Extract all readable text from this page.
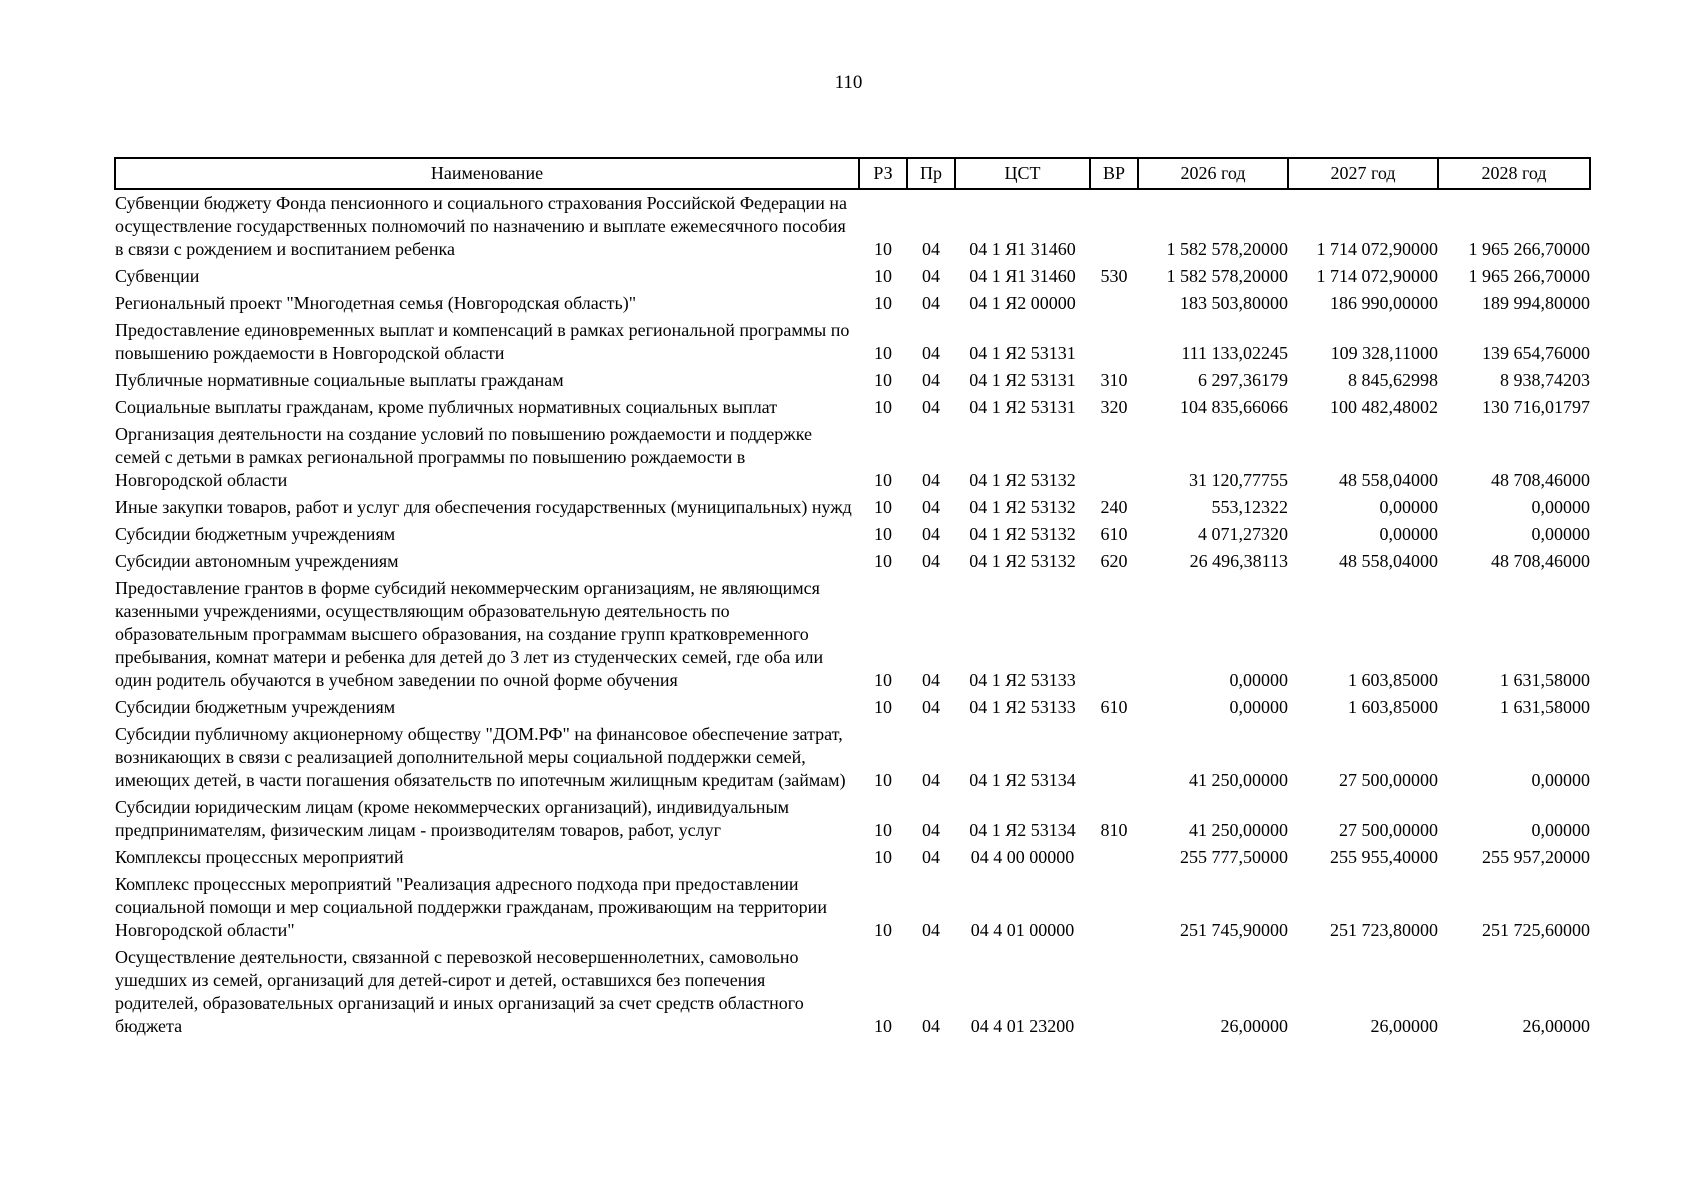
110
Наименование	РЗ	Пр	ЦСТ	ВР	2026 год	2027 год	2028 год
Субвенции бюджету Фонда пенсионного и социального страхования Российской Федерации на осуществление государственных полномочий по назначению и выплате ежемесячного пособия в связи с рождением и воспитанием ребенка	10	04	04 1 Я1 31460		1 582 578,20000	1 714 072,90000	1 965 266,70000
Субвенции	10	04	04 1 Я1 31460	530	1 582 578,20000	1 714 072,90000	1 965 266,70000
Региональный проект "Многодетная семья (Новгородская область)"	10	04	04 1 Я2 00000		183 503,80000	186 990,00000	189 994,80000
Предоставление единовременных выплат и компенсаций в рамках региональной программы по повышению рождаемости в Новгородской области	10	04	04 1 Я2 53131		111 133,02245	109 328,11000	139 654,76000
Публичные нормативные социальные выплаты гражданам	10	04	04 1 Я2 53131	310	6 297,36179	8 845,62998	8 938,74203
Социальные выплаты гражданам, кроме публичных нормативных социальных выплат	10	04	04 1 Я2 53131	320	104 835,66066	100 482,48002	130 716,01797
Организация деятельности на создание условий по повышению рождаемости и поддержке семей с детьми в рамках региональной программы по повышению рождаемости в Новгородской области	10	04	04 1 Я2 53132		31 120,77755	48 558,04000	48 708,46000
Иные закупки товаров, работ и услуг для обеспечения государственных (муниципальных) нужд	10	04	04 1 Я2 53132	240	553,12322	0,00000	0,00000
Субсидии бюджетным учреждениям	10	04	04 1 Я2 53132	610	4 071,27320	0,00000	0,00000
Субсидии автономным учреждениям	10	04	04 1 Я2 53132	620	26 496,38113	48 558,04000	48 708,46000
Предоставление грантов в форме субсидий некоммерческим организациям, не являющимся казенными учреждениями, осуществляющим образовательную деятельность по образовательным программам высшего образования, на создание групп кратковременного пребывания, комнат матери и ребенка для детей до 3 лет из студенческих семей, где оба или один родитель обучаются в учебном заведении по очной форме обучения	10	04	04 1 Я2 53133		0,00000	1 603,85000	1 631,58000
Субсидии бюджетным учреждениям	10	04	04 1 Я2 53133	610	0,00000	1 603,85000	1 631,58000
Субсидии публичному акционерному обществу "ДОМ.РФ" на финансовое обеспечение затрат, возникающих в связи с реализацией дополнительной меры социальной поддержки семей, имеющих детей, в части погашения обязательств по ипотечным жилищным кредитам (займам)	10	04	04 1 Я2 53134		41 250,00000	27 500,00000	0,00000
Субсидии юридическим лицам (кроме некоммерческих организаций), индивидуальным предпринимателям, физическим лицам - производителям товаров, работ, услуг	10	04	04 1 Я2 53134	810	41 250,00000	27 500,00000	0,00000
Комплексы процессных мероприятий	10	04	04 4 00 00000		255 777,50000	255 955,40000	255 957,20000
Комплекс процессных мероприятий "Реализация адресного подхода при предоставлении социальной помощи и мер социальной поддержки гражданам, проживающим на территории Новгородской области"	10	04	04 4 01 00000		251 745,90000	251 723,80000	251 725,60000
Осуществление деятельности, связанной с перевозкой несовершеннолетних, самовольно ушедших из семей, организаций для детей-сирот и детей, оставшихся без попечения родителей, образовательных организаций и иных организаций за счет средств областного бюджета	10	04	04 4 01 23200		26,00000	26,00000	26,00000
